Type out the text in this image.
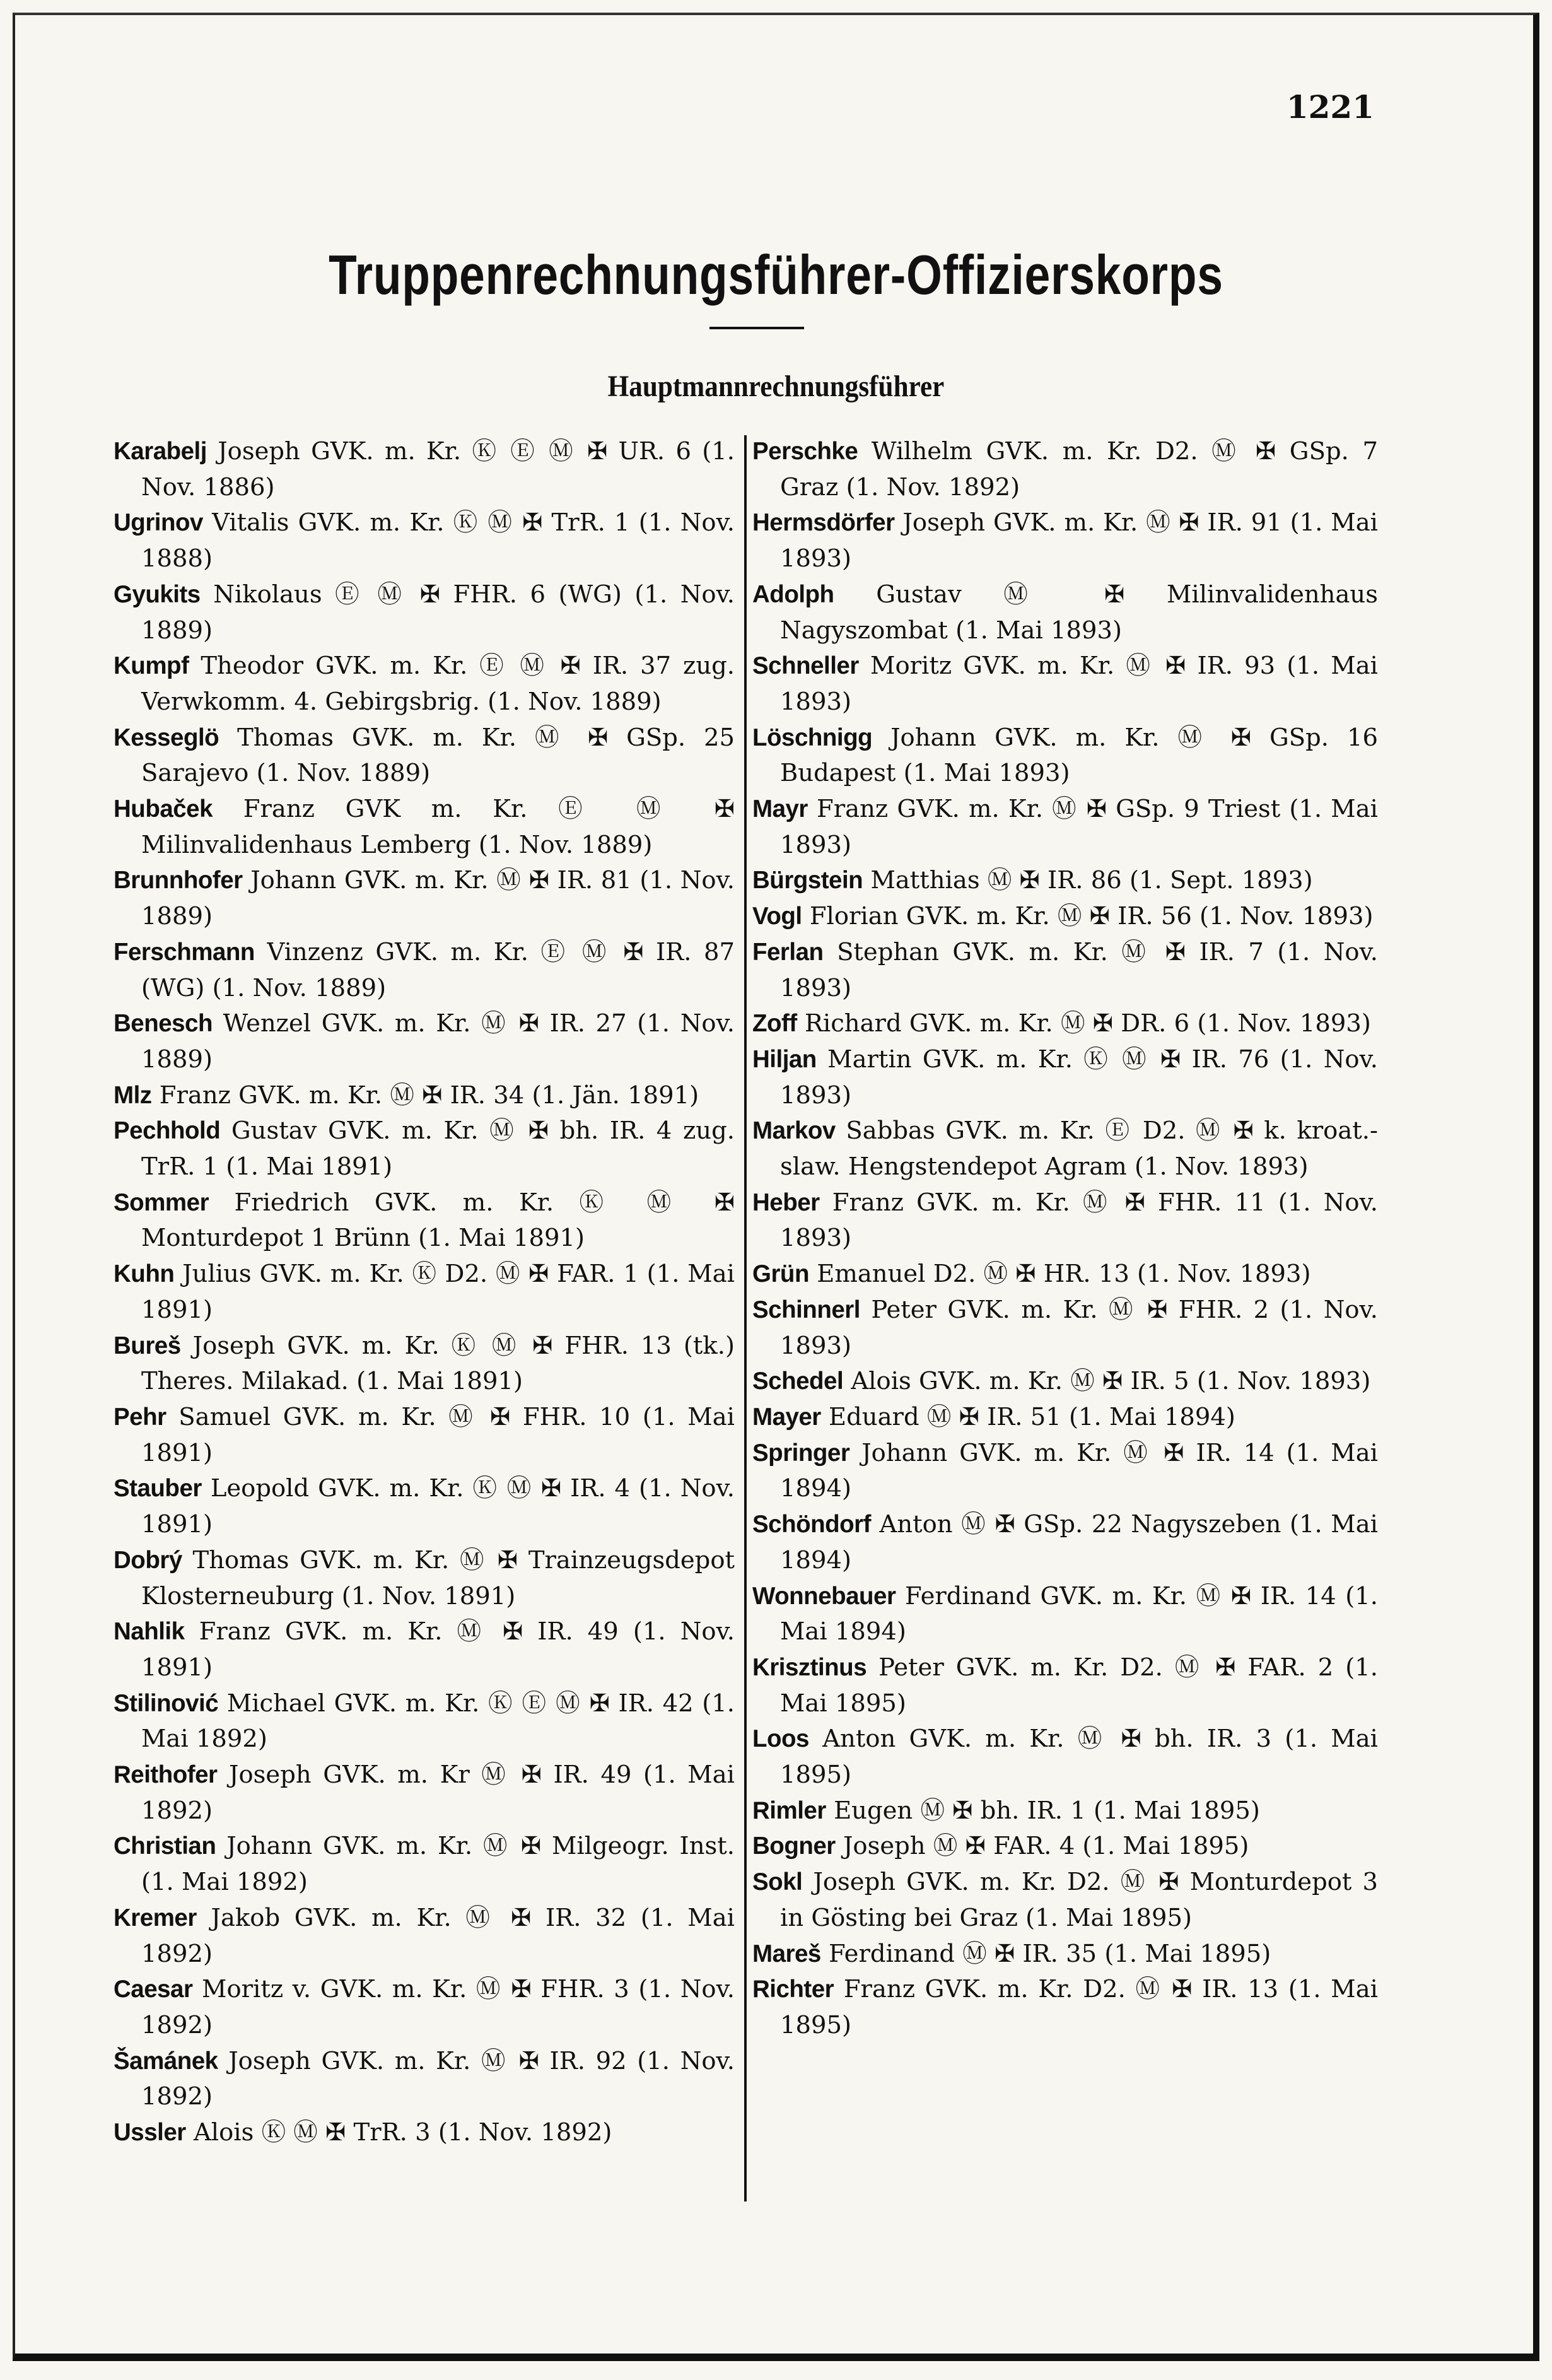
1221
Truppenrechnungsführer-Offizierskorps
Hauptmannrechnungsführer

Karabelj Joseph GVK. m. Kr. Ⓚ Ⓔ Ⓜ ✠ UR. 6 (1. Nov. 1886)

Ugrinov Vitalis GVK. m. Kr. Ⓚ Ⓜ ✠ TrR. 1 (1. Nov. 1888)

Gyukits Nikolaus Ⓔ Ⓜ ✠ FHR. 6 (WG) (1. Nov. 1889)

Kumpf Theodor GVK. m. Kr. Ⓔ Ⓜ ✠ IR. 37 zug. Verwkomm. 4. Gebirgsbrig. (1. Nov. 1889)

Kesseglö Thomas GVK. m. Kr. Ⓜ ✠ GSp. 25 Sarajevo (1. Nov. 1889)

Hubaček Franz GVK m. Kr. Ⓔ Ⓜ ✠ Milinvalidenhaus Lemberg (1. Nov. 1889)

Brunnhofer Johann GVK. m. Kr. Ⓜ ✠ IR. 81 (1. Nov. 1889)

Ferschmann Vinzenz GVK. m. Kr. Ⓔ Ⓜ ✠ IR. 87 (WG) (1. Nov. 1889)

Benesch Wenzel GVK. m. Kr. Ⓜ ✠ IR. 27 (1. Nov. 1889)

Mlz Franz GVK. m. Kr. Ⓜ ✠ IR. 34 (1. Jän. 1891)

Pechhold Gustav GVK. m. Kr. Ⓜ ✠ bh. IR. 4 zug. TrR. 1 (1. Mai 1891)

Sommer Friedrich GVK. m. Kr. Ⓚ Ⓜ ✠ Monturdepot 1 Brünn (1. Mai 1891)

Kuhn Julius GVK. m. Kr. Ⓚ D2. Ⓜ ✠ FAR. 1 (1. Mai 1891)

Bureš Joseph GVK. m. Kr. Ⓚ Ⓜ ✠ FHR. 13 (tk.) Theres. Milakad. (1. Mai 1891)

Pehr Samuel GVK. m. Kr. Ⓜ ✠ FHR. 10 (1. Mai 1891)

Stauber Leopold GVK. m. Kr. Ⓚ Ⓜ ✠ IR. 4 (1. Nov. 1891)

Dobrý Thomas GVK. m. Kr. Ⓜ ✠ Trainzeugsdepot Klosterneuburg (1. Nov. 1891)

Nahlik Franz GVK. m. Kr. Ⓜ ✠ IR. 49 (1. Nov. 1891)

Stilinović Michael GVK. m. Kr. Ⓚ Ⓔ Ⓜ ✠ IR. 42 (1. Mai 1892)

Reithofer Joseph GVK. m. Kr Ⓜ ✠ IR. 49 (1. Mai 1892)

Christian Johann GVK. m. Kr. Ⓜ ✠ Milgeogr. Inst. (1. Mai 1892)

Kremer Jakob GVK. m. Kr. Ⓜ ✠ IR. 32 (1. Mai 1892)

Caesar Moritz v. GVK. m. Kr. Ⓜ ✠ FHR. 3 (1. Nov. 1892)

Šamánek Joseph GVK. m. Kr. Ⓜ ✠ IR. 92 (1. Nov. 1892)

Ussler Alois Ⓚ Ⓜ ✠ TrR. 3 (1. Nov. 1892)

Perschke Wilhelm GVK. m. Kr. D2. Ⓜ ✠ GSp. 7 Graz (1. Nov. 1892)

Hermsdörfer Joseph GVK. m. Kr. Ⓜ ✠ IR. 91 (1. Mai 1893)

Adolph Gustav Ⓜ ✠ Milinvalidenhaus Nagyszombat (1. Mai 1893)

Schneller Moritz GVK. m. Kr. Ⓜ ✠ IR. 93 (1. Mai 1893)

Löschnigg Johann GVK. m. Kr. Ⓜ ✠ GSp. 16 Budapest (1. Mai 1893)

Mayr Franz GVK. m. Kr. Ⓜ ✠ GSp. 9 Triest (1. Mai 1893)

Bürgstein Matthias Ⓜ ✠ IR. 86 (1. Sept. 1893)

Vogl Florian GVK. m. Kr. Ⓜ ✠ IR. 56 (1. Nov. 1893)

Ferlan Stephan GVK. m. Kr. Ⓜ ✠ IR. 7 (1. Nov. 1893)

Zoff Richard GVK. m. Kr. Ⓜ ✠ DR. 6 (1. Nov. 1893)

Hiljan Martin GVK. m. Kr. Ⓚ Ⓜ ✠ IR. 76 (1. Nov. 1893)

Markov Sabbas GVK. m. Kr. Ⓔ D2. Ⓜ ✠ k. kroat.-slaw. Hengstendepot Agram (1. Nov. 1893)

Heber Franz GVK. m. Kr. Ⓜ ✠ FHR. 11 (1. Nov. 1893)

Grün Emanuel D2. Ⓜ ✠ HR. 13 (1. Nov. 1893)

Schinnerl Peter GVK. m. Kr. Ⓜ ✠ FHR. 2 (1. Nov. 1893)

Schedel Alois GVK. m. Kr. Ⓜ ✠ IR. 5 (1. Nov. 1893)

Mayer Eduard Ⓜ ✠ IR. 51 (1. Mai 1894)

Springer Johann GVK. m. Kr. Ⓜ ✠ IR. 14 (1. Mai 1894)

Schöndorf Anton Ⓜ ✠ GSp. 22 Nagyszeben (1. Mai 1894)

Wonnebauer Ferdinand GVK. m. Kr. Ⓜ ✠ IR. 14 (1. Mai 1894)

Krisztinus Peter GVK. m. Kr. D2. Ⓜ ✠ FAR. 2 (1. Mai 1895)

Loos Anton GVK. m. Kr. Ⓜ ✠ bh. IR. 3 (1. Mai 1895)

Rimler Eugen Ⓜ ✠ bh. IR. 1 (1. Mai 1895)

Bogner Joseph Ⓜ ✠ FAR. 4 (1. Mai 1895)

Sokl Joseph GVK. m. Kr. D2. Ⓜ ✠ Monturdepot 3 in Gösting bei Graz (1. Mai 1895)

Mareš Ferdinand Ⓜ ✠ IR. 35 (1. Mai 1895)

Richter Franz GVK. m. Kr. D2. Ⓜ ✠ IR. 13 (1. Mai 1895)
